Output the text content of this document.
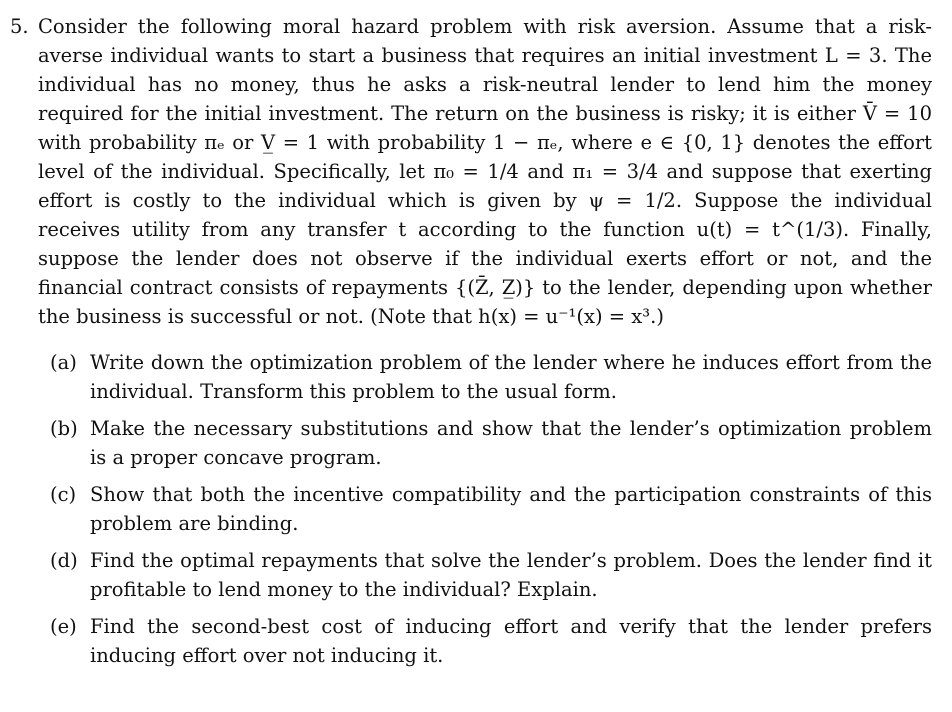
5. Consider the following moral hazard problem with risk aversion. Assume that a risk-averse individual wants to start a business that requires an initial investment L = 3. The individual has no money, thus he asks a risk-neutral lender to lend him the money required for the initial investment. The return on the business is risky; it is either V̄ = 10 with probability πₑ or V̲ = 1 with probability 1 − πₑ, where e ∈ {0, 1} denotes the effort level of the individual. Specifically, let π₀ = 1/4 and π₁ = 3/4 and suppose that exerting effort is costly to the individual which is given by ψ = 1/2. Suppose the individual receives utility from any transfer t according to the function u(t) = t^(1/3). Finally, suppose the lender does not observe if the individual exerts effort or not, and the financial contract consists of repayments {(Z̄, Z̲)} to the lender, depending upon whether the business is successful or not. (Note that h(x) = u⁻¹(x) = x³.)
(a) Write down the optimization problem of the lender where he induces effort from the individual. Transform this problem to the usual form.
(b) Make the necessary substitutions and show that the lender’s optimization problem is a proper concave program.
(c) Show that both the incentive compatibility and the participation constraints of this problem are binding.
(d) Find the optimal repayments that solve the lender’s problem. Does the lender find it profitable to lend money to the individual? Explain.
(e) Find the second-best cost of inducing effort and verify that the lender prefers inducing effort over not inducing it.
